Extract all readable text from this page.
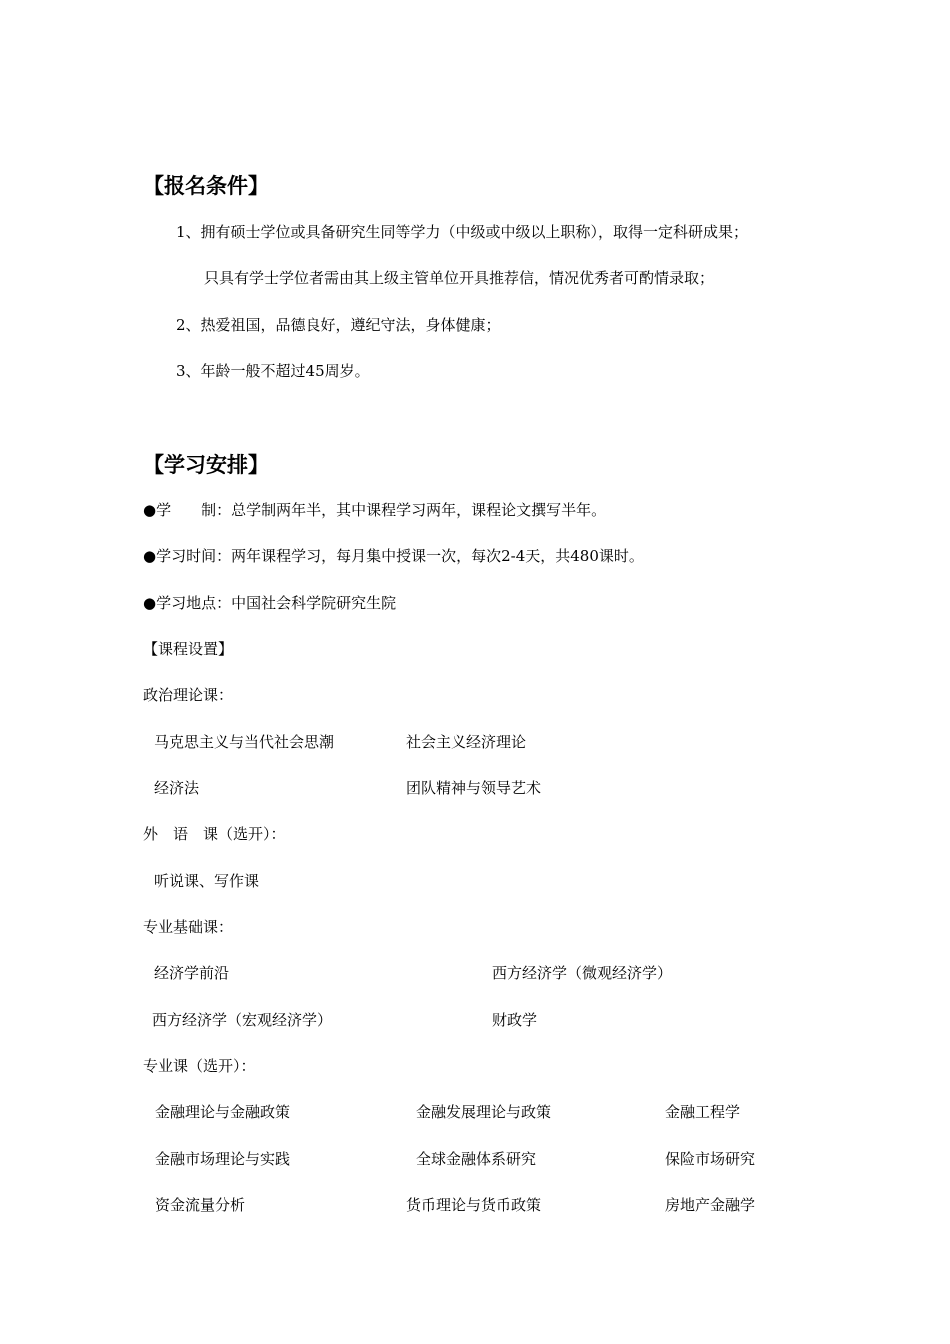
【报名条件】
1、拥有硕士学位或具备研究生同等学力（中级或中级以上职称），取得一定科研成果；
只具有学士学位者需由其上级主管单位开具推荐信，情况优秀者可酌情录取；
2、热爱祖国，品德良好，遵纪守法，身体健康；
3、年龄一般不超过45周岁。
【学习安排】
●学　　制：总学制两年半，其中课程学习两年，课程论文撰写半年。
●学习时间：两年课程学习，每月集中授课一次，每次2-4天，共480课时。
●学习地点：中国社会科学院研究生院
【课程设置】
政治理论课：
马克思主义与当代社会思潮	社会主义经济理论
经济法	团队精神与领导艺术
外　语　课（选开）：
听说课、写作课
专业基础课：
经济学前沿	西方经济学（微观经济学）
西方经济学（宏观经济学）	财政学
专业课（选开）：
金融理论与金融政策	金融发展理论与政策	金融工程学
金融市场理论与实践	全球金融体系研究	保险市场研究
资金流量分析	货币理论与货币政策	房地产金融学
